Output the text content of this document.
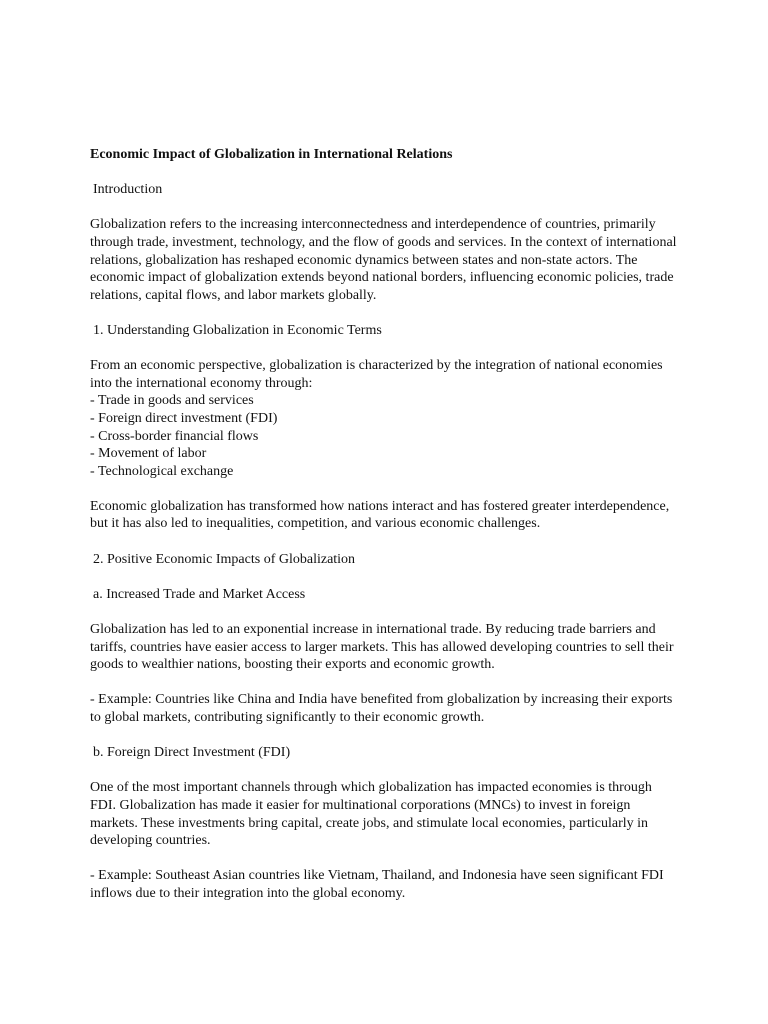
Economic Impact of Globalization in International Relations
Introduction
Globalization refers to the increasing interconnectedness and interdependence of countries, primarily through trade, investment, technology, and the flow of goods and services. In the context of international relations, globalization has reshaped economic dynamics between states and non-state actors. The economic impact of globalization extends beyond national borders, influencing economic policies, trade relations, capital flows, and labor markets globally.
1. Understanding Globalization in Economic Terms
From an economic perspective, globalization is characterized by the integration of national economies into the international economy through:
- Trade in goods and services
- Foreign direct investment (FDI)
- Cross-border financial flows
- Movement of labor
- Technological exchange
Economic globalization has transformed how nations interact and has fostered greater interdependence, but it has also led to inequalities, competition, and various economic challenges.
2. Positive Economic Impacts of Globalization
a. Increased Trade and Market Access
Globalization has led to an exponential increase in international trade. By reducing trade barriers and tariffs, countries have easier access to larger markets. This has allowed developing countries to sell their goods to wealthier nations, boosting their exports and economic growth.
- Example: Countries like China and India have benefited from globalization by increasing their exports to global markets, contributing significantly to their economic growth.
b. Foreign Direct Investment (FDI)
One of the most important channels through which globalization has impacted economies is through FDI. Globalization has made it easier for multinational corporations (MNCs) to invest in foreign markets. These investments bring capital, create jobs, and stimulate local economies, particularly in developing countries.
- Example: Southeast Asian countries like Vietnam, Thailand, and Indonesia have seen significant FDI inflows due to their integration into the global economy.
